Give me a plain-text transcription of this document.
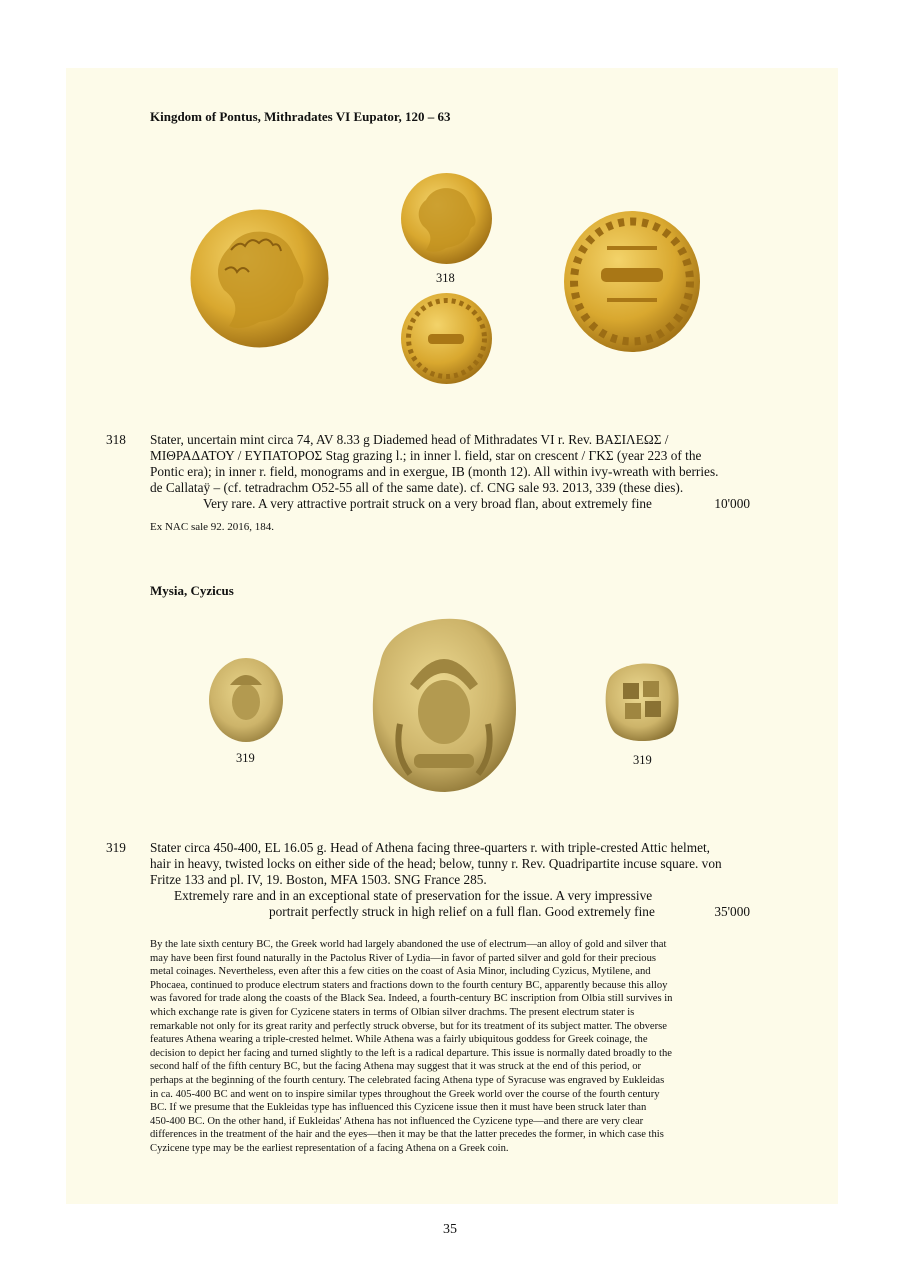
Kingdom of Pontus, Mithradates VI Eupator, 120 – 63
318
318 Stater, uncertain mint circa 74, AV 8.33 g Diademed head of Mithradates VI r. Rev. ΒΑΣΙΛΕΩΣ /
ΜΙΘΡΑΔΑΤΟΥ / ΕΥΠΑΤΟΡΟΣ Stag grazing l.; in inner l. field, star on crescent / ΓΚΣ (year 223 of the
Pontic era); in inner r. field, monograms and in exergue, IB (month 12). All within ivy-wreath with berries.
de Callataÿ – (cf. tetradrachm O52-55 all of the same date). cf. CNG sale 93. 2013, 339 (these dies).
Very rare. A very attractive portrait struck on a very broad flan, about extremely fine	10'000
Ex NAC sale 92. 2016, 184.
Mysia, Cyzicus
319	319
319 Stater circa 450-400, EL 16.05 g. Head of Athena facing three-quarters r. with triple-crested Attic helmet,
hair in heavy, twisted locks on either side of the head; below, tunny r. Rev. Quadripartite incuse square. von
Fritze 133 and pl. IV, 19. Boston, MFA 1503. SNG France 285.
Extremely rare and in an exceptional state of preservation for the issue. A very impressive
portrait perfectly struck in high relief on a full flan. Good extremely fine	35'000
By the late sixth century BC, the Greek world had largely abandoned the use of electrum—an alloy of gold and silver that
may have been first found naturally in the Pactolus River of Lydia—in favor of parted silver and gold for their precious
metal coinages. Nevertheless, even after this a few cities on the coast of Asia Minor, including Cyzicus, Mytilene, and
Phocaea, continued to produce electrum staters and fractions down to the fourth century BC, apparently because this alloy
was favored for trade along the coasts of the Black Sea. Indeed, a fourth-century BC inscription from Olbia still survives in
which exchange rate is given for Cyzicene staters in terms of Olbian silver drachms. The present electrum stater is
remarkable not only for its great rarity and perfectly struck obverse, but for its treatment of its subject matter. The obverse
features Athena wearing a triple-crested helmet. While Athena was a fairly ubiquitous goddess for Greek coinage, the
decision to depict her facing and turned slightly to the left is a radical departure. This issue is normally dated broadly to the
second half of the fifth century BC, but the facing Athena may suggest that it was struck at the end of this period, or
perhaps at the beginning of the fourth century. The celebrated facing Athena type of Syracuse was engraved by Eukleidas
in ca. 405-400 BC and went on to inspire similar types throughout the Greek world over the course of the fourth century
BC. If we presume that the Eukleidas type has influenced this Cyzicene issue then it must have been struck later than
450-400 BC. On the other hand, if Eukleidas' Athena has not influenced the Cyzicene type—and there are very clear
differences in the treatment of the hair and the eyes—then it may be that the latter precedes the former, in which case this
Cyzicene type may be the earliest representation of a facing Athena on a Greek coin.
35
